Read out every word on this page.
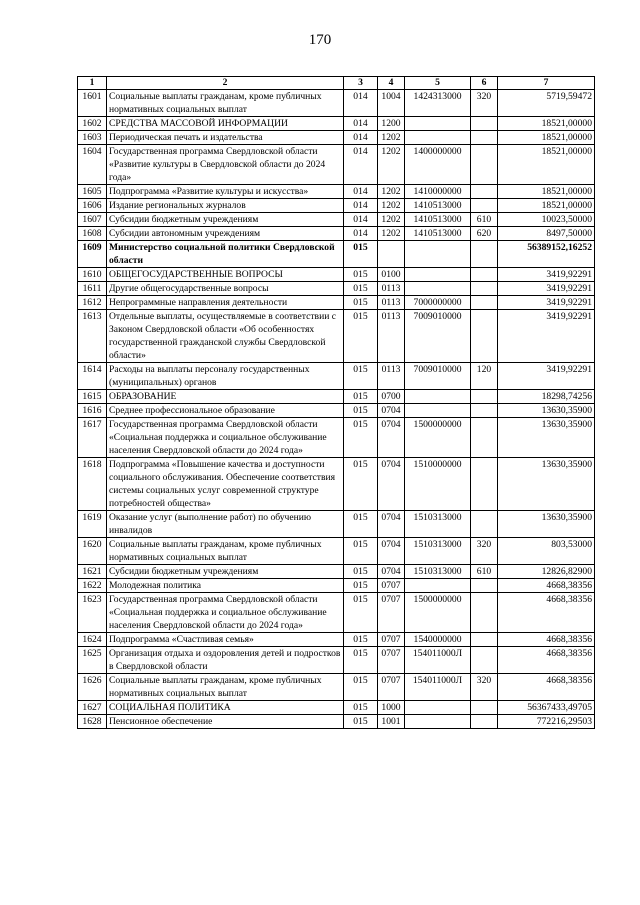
170
1	2	3	4	5	6	7
1601	Социальные выплаты гражданам, кроме публичных нормативных социальных выплат	014	1004	1424313000	320	5719,59472
1602	СРЕДСТВА МАССОВОЙ ИНФОРМАЦИИ	014	1200			18521,00000
1603	Периодическая печать и издательства	014	1202			18521,00000
1604	Государственная программа Свердловской области «Развитие культуры в Свердловской области до 2024 года»	014	1202	1400000000		18521,00000
1605	Подпрограмма «Развитие культуры и искусства»	014	1202	1410000000		18521,00000
1606	Издание региональных журналов	014	1202	1410513000		18521,00000
1607	Субсидии бюджетным учреждениям	014	1202	1410513000	610	10023,50000
1608	Субсидии автономным учреждениям	014	1202	1410513000	620	8497,50000
1609	Министерство социальной политики Свердловской области	015				56389152,16252
1610	ОБЩЕГОСУДАРСТВЕННЫЕ ВОПРОСЫ	015	0100			3419,92291
1611	Другие общегосударственные вопросы	015	0113			3419,92291
1612	Непрограммные направления деятельности	015	0113	7000000000		3419,92291
1613	Отдельные выплаты, осуществляемые в соответствии с Законом Свердловской области «Об особенностях государственной гражданской службы Свердловской области»	015	0113	7009010000		3419,92291
1614	Расходы на выплаты персоналу государственных (муниципальных) органов	015	0113	7009010000	120	3419,92291
1615	ОБРАЗОВАНИЕ	015	0700			18298,74256
1616	Среднее профессиональное образование	015	0704			13630,35900
1617	Государственная программа Свердловской области «Социальная поддержка и социальное обслуживание населения Свердловской области до 2024 года»	015	0704	1500000000		13630,35900
1618	Подпрограмма «Повышение качества и доступности социального обслуживания. Обеспечение соответствия системы социальных услуг современной структуре потребностей общества»	015	0704	1510000000		13630,35900
1619	Оказание услуг (выполнение работ) по обучению инвалидов	015	0704	1510313000		13630,35900
1620	Социальные выплаты гражданам, кроме публичных нормативных социальных выплат	015	0704	1510313000	320	803,53000
1621	Субсидии бюджетным учреждениям	015	0704	1510313000	610	12826,82900
1622	Молодежная политика	015	0707			4668,38356
1623	Государственная программа Свердловской области «Социальная поддержка и социальное обслуживание населения Свердловской области до 2024 года»	015	0707	1500000000		4668,38356
1624	Подпрограмма «Счастливая семья»	015	0707	1540000000		4668,38356
1625	Организация отдыха и оздоровления детей и подростков в Свердловской области	015	0707	154011000Л		4668,38356
1626	Социальные выплаты гражданам, кроме публичных нормативных социальных выплат	015	0707	154011000Л	320	4668,38356
1627	СОЦИАЛЬНАЯ ПОЛИТИКА	015	1000			56367433,49705
1628	Пенсионное обеспечение	015	1001			772216,29503
